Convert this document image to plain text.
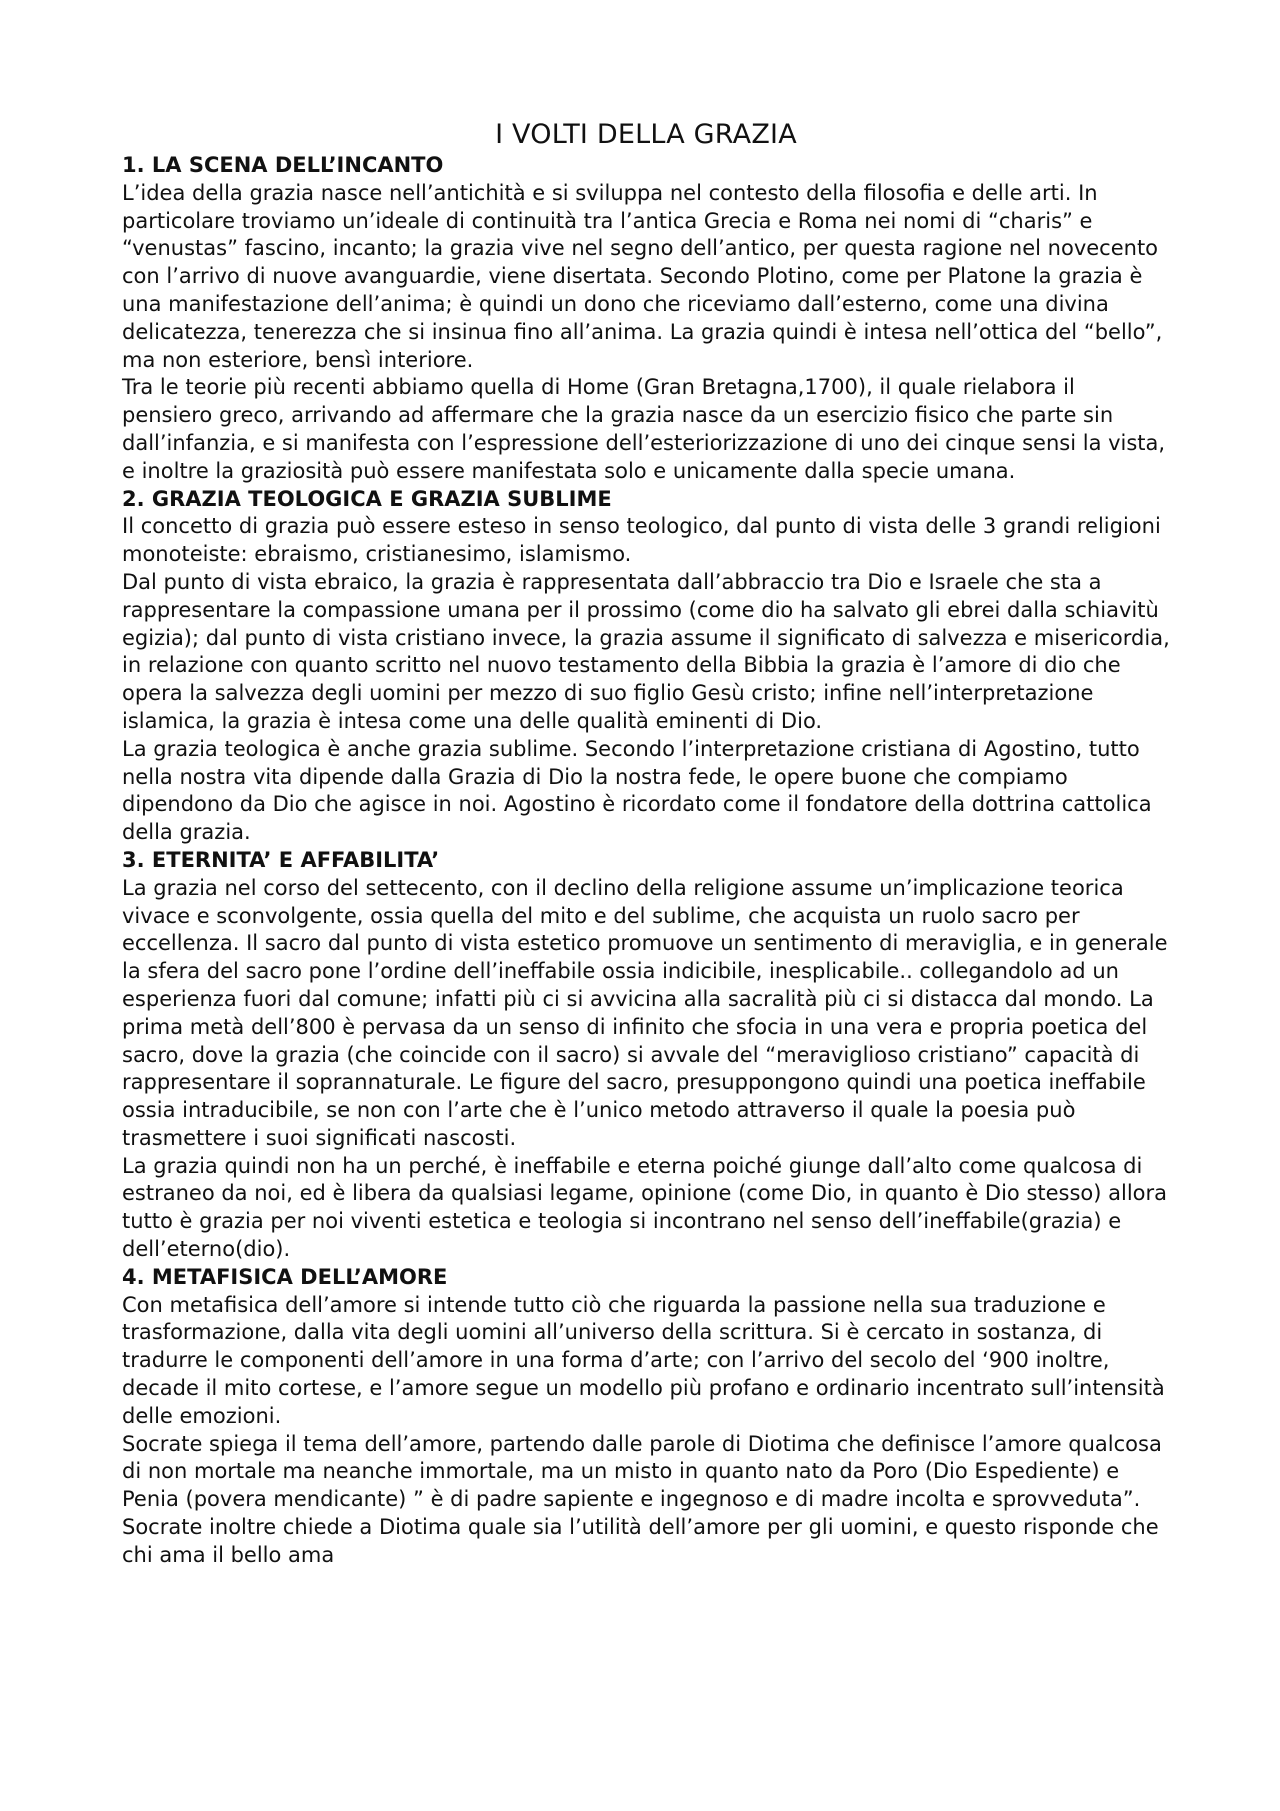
I VOLTI DELLA GRAZIA
1. LA SCENA DELL’INCANTO

L’idea della grazia nasce nell’antichità e si sviluppa nel contesto della filosofia e delle arti. In particolare troviamo un’ideale di continuità tra l’antica Grecia e Roma nei nomi di “charis” e “venustas” fascino, incanto; la grazia vive nel segno dell’antico, per questa ragione nel novecento con l’arrivo di nuove avanguardie, viene disertata. Secondo Plotino, come per Platone la grazia è una manifestazione dell’anima; è quindi un dono che riceviamo dall’esterno, come una divina delicatezza, tenerezza che si insinua fino all’anima. La grazia quindi è intesa nell’ottica del “bello”, ma non esteriore, bensì interiore.

Tra le teorie più recenti abbiamo quella di Home (Gran Bretagna,1700), il quale rielabora il pensiero greco, arrivando ad affermare che la grazia nasce da un esercizio fisico che parte sin dall’infanzia, e si manifesta con l’espressione dell’esteriorizzazione di uno dei cinque sensi la vista, e inoltre la graziosità può essere manifestata solo e unicamente dalla specie umana.

2. GRAZIA TEOLOGICA E GRAZIA SUBLIME

Il concetto di grazia può essere esteso in senso teologico, dal punto di vista delle 3 grandi religioni monoteiste: ebraismo, cristianesimo, islamismo.

Dal punto di vista ebraico, la grazia è rappresentata dall’abbraccio tra Dio e Israele che sta a rappresentare la compassione umana per il prossimo (come dio ha salvato gli ebrei dalla schiavitù egizia); dal punto di vista cristiano invece, la grazia assume il significato di salvezza e misericordia, in relazione con quanto scritto nel nuovo testamento della Bibbia la grazia è l’amore di dio che opera la salvezza degli uomini per mezzo di suo figlio Gesù cristo; infine nell’interpretazione islamica, la grazia è intesa come una delle qualità eminenti di Dio.

La grazia teologica è anche grazia sublime. Secondo l’interpretazione cristiana di Agostino, tutto nella nostra vita dipende dalla Grazia di Dio la nostra fede, le opere buone che compiamo dipendono da Dio che agisce in noi. Agostino è ricordato come il fondatore della dottrina cattolica della grazia.

3. ETERNITA’ E AFFABILITA’

La grazia nel corso del settecento, con il declino della religione assume un’implicazione teorica vivace e sconvolgente, ossia quella del mito e del sublime, che acquista un ruolo sacro per eccellenza. Il sacro dal punto di vista estetico promuove un sentimento di meraviglia, e in generale la sfera del sacro pone l’ordine dell’ineffabile ossia indicibile, inesplicabile.. collegandolo ad un esperienza fuori dal comune; infatti più ci si avvicina alla sacralità più ci si distacca dal mondo. La prima metà dell’800 è pervasa da un senso di infinito che sfocia in una vera e propria poetica del sacro, dove la grazia (che coincide con il sacro) si avvale del “meraviglioso cristiano” capacità di rappresentare il soprannaturale. Le figure del sacro, presuppongono quindi una poetica ineffabile ossia intraducibile, se non con l’arte che è l’unico metodo attraverso il quale la poesia può trasmettere i suoi significati nascosti.

La grazia quindi non ha un perché, è ineffabile e eterna poiché giunge dall’alto come qualcosa di estraneo da noi, ed è libera da qualsiasi legame, opinione (come Dio, in quanto è Dio stesso) allora tutto è grazia per noi viventi estetica e teologia si incontrano nel senso dell’ineffabile(grazia) e dell’eterno(dio).

4. METAFISICA DELL’AMORE

Con metafisica dell’amore si intende tutto ciò che riguarda la passione nella sua traduzione e trasformazione, dalla vita degli uomini all’universo della scrittura. Si è cercato in sostanza, di tradurre le componenti dell’amore in una forma d’arte; con l’arrivo del secolo del ‘900 inoltre, decade il mito cortese, e l’amore segue un modello più profano e ordinario incentrato sull’intensità delle emozioni.

Socrate spiega il tema dell’amore, partendo dalle parole di Diotima che definisce l’amore qualcosa di non mortale ma neanche immortale, ma un misto in quanto nato da Poro (Dio Espediente) e Penia (povera mendicante) ” è di padre sapiente e ingegnoso e di madre incolta e sprovveduta”. Socrate inoltre chiede a Diotima quale sia l’utilità dell’amore per gli uomini, e questo risponde che chi ama il bello ama
